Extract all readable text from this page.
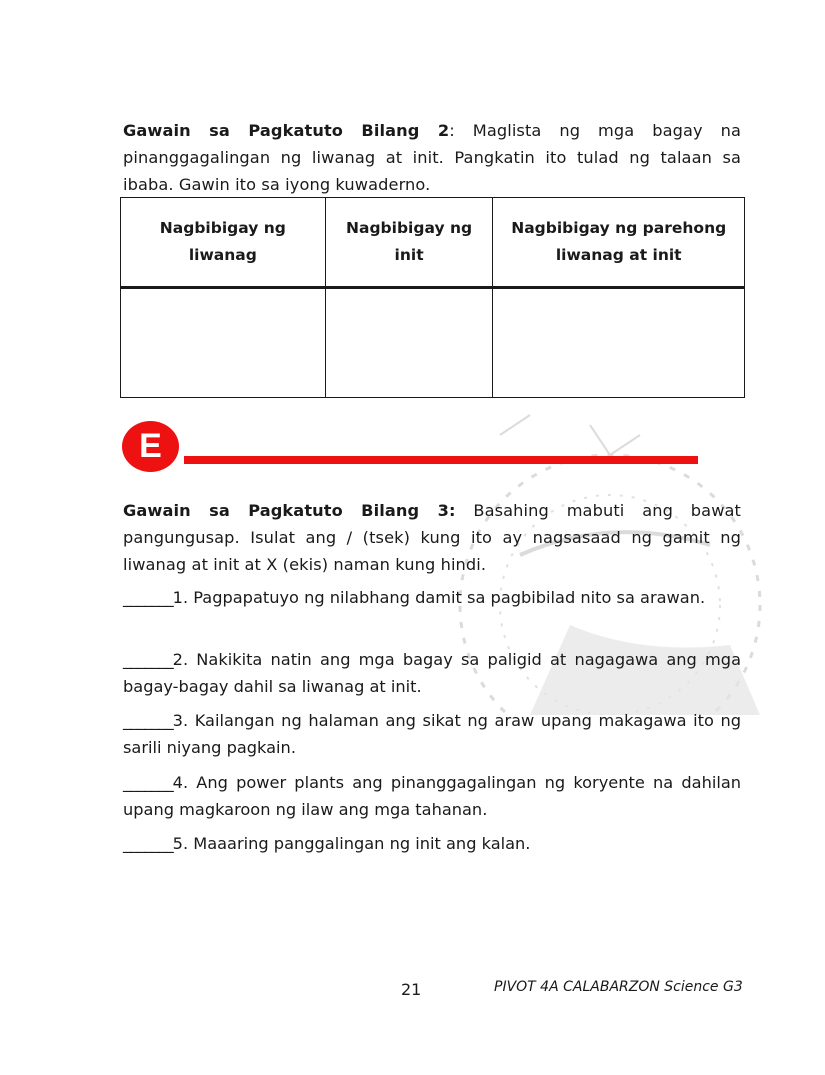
Gawain sa Pagkatuto Bilang 2: Maglista ng mga bagay na pinanggagalingan ng liwanag at init. Pangkatin ito tulad ng talaan sa ibaba. Gawin ito sa iyong kuwaderno.

Nagbibigay ng liwanag	Nagbibigay ng init	Nagbibigay ng parehong liwanag at init

E

Gawain sa Pagkatuto Bilang 3: Basahing mabuti ang bawat pangungusap. Isulat ang / (tsek) kung ito ay nagsasaad ng gamit ng liwanag at init at X (ekis) naman kung hindi.

_______1. Pagpapatuyo ng nilabhang damit sa pagbibilad nito sa arawan.

_______2. Nakikita natin ang mga bagay sa paligid at nagagawa ang mga bagay-bagay dahil sa liwanag at init.

_______3. Kailangan ng halaman ang sikat ng araw upang makagawa ito ng sarili niyang pagkain.

_______4. Ang power plants ang pinanggagalingan ng koryente na dahilan upang magkaroon ng ilaw ang mga tahanan.

_______5. Maaaring panggalingan ng init ang kalan.

21	PIVOT 4A CALABARZON Science G3
